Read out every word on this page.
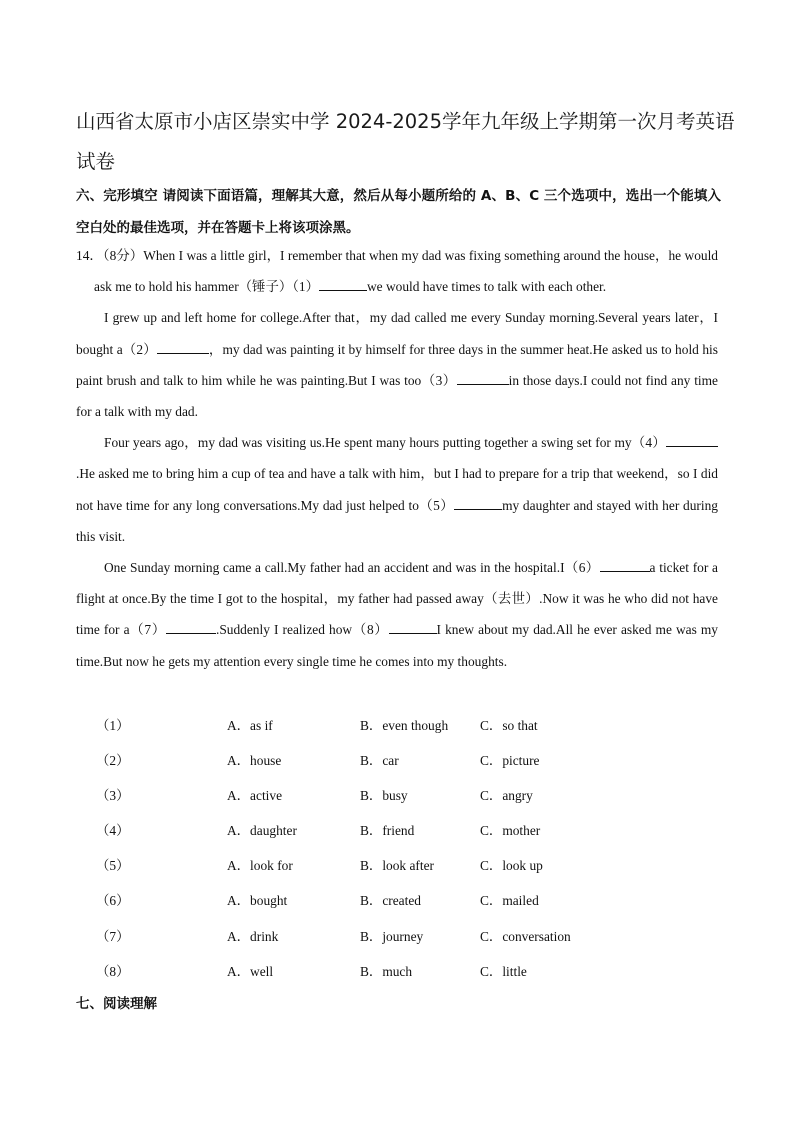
山西省太原市小店区崇实中学 2024-2025学年九年级上学期第一次月考英语试卷

六、完形填空 请阅读下面语篇，理解其大意，然后从每小题所给的 A、B、C 三个选项中，选出一个能填入空白处的最佳选项，并在答题卡上将该项涂黑。

14．（8分）When I was a little girl，I remember that when my dad was fixing something around the house，he would ask me to hold his hammer（锤子）（1）	we would have times to talk with each other.

I grew up and left home for college.After that，my dad called me every Sunday morning.Several years later，I bought a（2）	，my dad was painting it by himself for three days in the summer heat.He asked us to hold his paint brush and talk to him while he was painting.But I was too（3）	in those days.I could not find any time for a talk with my dad.

Four years ago，my dad was visiting us.He spent many hours putting together a swing set for my（4）.He asked me to bring him a cup of tea and have a talk with him，but I had to prepare for a trip that weekend，so I did not have time for any long conversations.My dad just helped to（5）	my daughter and stayed with her during this visit.

One Sunday morning came a call.My father had an accident and was in the hospital.I（6）	a ticket for a flight at once.By the time I got to the hospital，my father had passed away（去世）.Now it was he who did not have time for a（7）	.Suddenly I realized how（8）	I knew about my dad.All he ever asked me was my time.But now he gets my attention every single time he comes into my thoughts.

（1）	A．as if	B．even though C．so that
（2）	A．house	B．car	C．picture
（3）	A．active	B．busy	C．angry
（4）	A．daughter	B．friend	C．mother
（5）	A．look for	B．look after	C．look up
（6）	A．bought	B．created	C．mailed
（7）	A．drink	B．journey	C．conversation
（8）	A．well	B．much	C．little

七、阅读理解
